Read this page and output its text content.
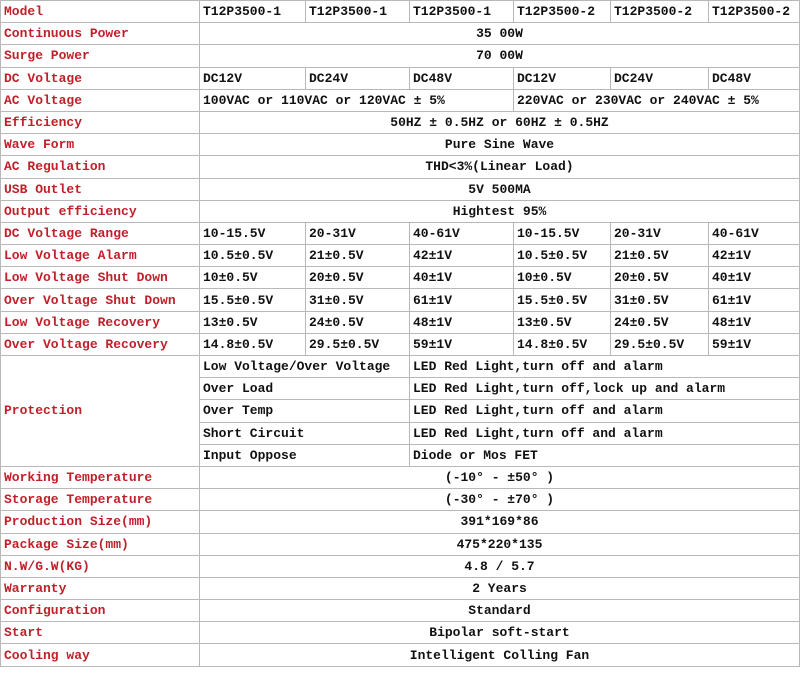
Model	T12P3500-1	T12P3500-1	T12P3500-1	T12P3500-2	T12P3500-2	T12P3500-2
Continuous Power	35 00W					
Surge Power	70 00W					
DC Voltage	DC12V	DC24V	DC48V	DC12V	DC24V	DC48V
AC Voltage	100VAC or 110VAC or 120VAC ± 5%			220VAC or 230VAC or 240VAC ± 5%		
Efficiency	50HZ ± 0.5HZ or 60HZ ± 0.5HZ					
Wave Form	Pure Sine Wave					
AC Regulation	THD<3%(Linear Load)					
USB Outlet	5V 500MA					
Output efficiency	Hightest 95%					
DC Voltage Range	10-15.5V	20-31V	40-61V	10-15.5V	20-31V	40-61V
Low Voltage Alarm	10.5±0.5V	21±0.5V	42±1V	10.5±0.5V	21±0.5V	42±1V
Low Voltage Shut Down	10±0.5V	20±0.5V	40±1V	10±0.5V	20±0.5V	40±1V
Over Voltage Shut Down	15.5±0.5V	31±0.5V	61±1V	15.5±0.5V	31±0.5V	61±1V
Low Voltage Recovery	13±0.5V	24±0.5V	48±1V	13±0.5V	24±0.5V	48±1V
Over Voltage Recovery	14.8±0.5V	29.5±0.5V	59±1V	14.8±0.5V	29.5±0.5V	59±1V
Protection	Low Voltage/Over Voltage		LED Red Light,turn off and alarm			
	Over Load		LED Red Light,turn off,lock up and alarm			
	Over Temp		LED Red Light,turn off and alarm			
	Short Circuit		LED Red Light,turn off and alarm			
	Input Oppose		Diode or Mos FET			
Working Temperature	(-10° - ±50° )					
Storage Temperature	(-30° - ±70° )					
Production Size(mm)	391*169*86					
Package Size(mm)	475*220*135					
N.W/G.W(KG)	4.8 / 5.7					
Warranty	2 Years					
Configuration	Standard					
Start	Bipolar soft-start					
Cooling way	Intelligent Colling Fan					
